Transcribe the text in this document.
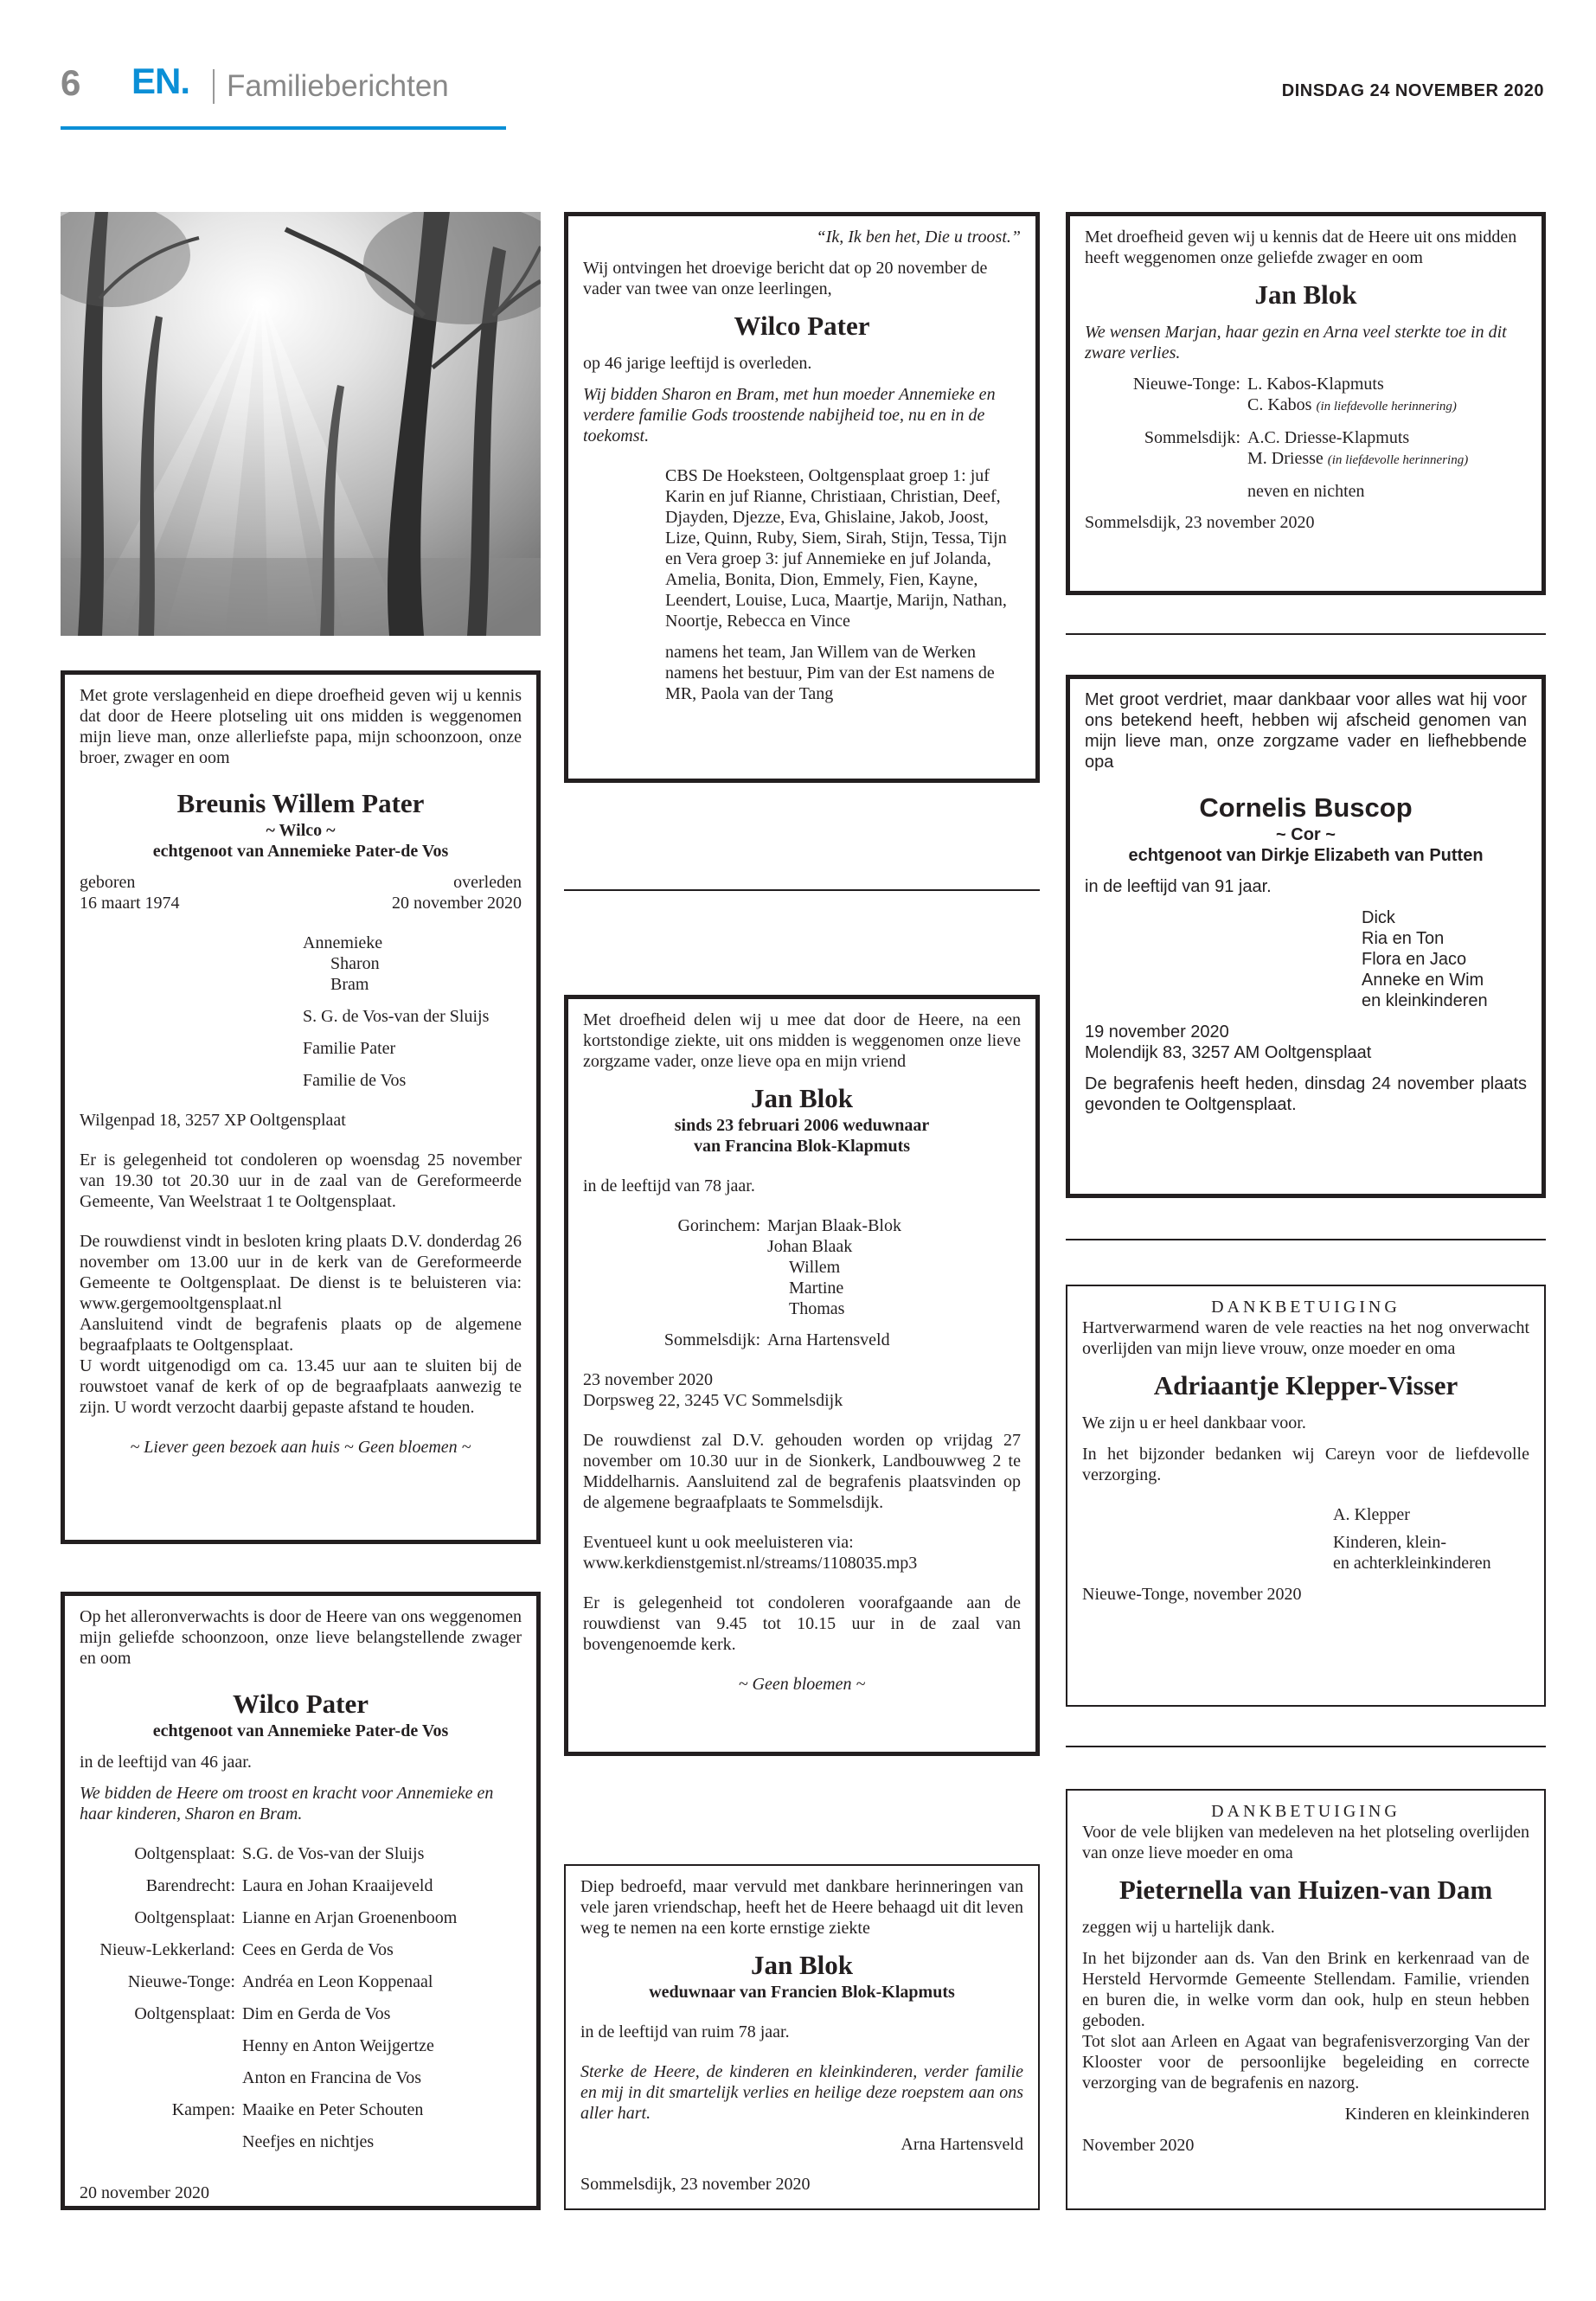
6 EN. Familieberichten	DINSDAG 24 NOVEMBER 2020
Met grote verslagenheid en diepe droefheid geven wij u kennis dat door de Heere plotseling uit ons midden is weggenomen mijn lieve man, onze allerliefste papa, mijn schoonzoon, onze broer, zwager en oom
Breunis Willem Pater
~ Wilco ~
echtgenoot van Annemieke Pater-de Vos
geboren
16 maart 1974
overleden
20 november 2020
Annemieke
Sharon
Bram
S. G. de Vos-van der Sluijs
Familie Pater
Familie de Vos
Wilgenpad 18, 3257 XP Ooltgensplaat
Er is gelegenheid tot condoleren op woensdag 25 november van 19.30 tot 20.30 uur in de zaal van de Gereformeerde Gemeente, Van Weelstraat 1 te Ooltgensplaat.
De rouwdienst vindt in besloten kring plaats D.V. donderdag 26 november om 13.00 uur in de kerk van de Gereformeerde Gemeente te Ooltgensplaat. De dienst is te beluisteren via: www.gergemooltgensplaat.nl
Aansluitend vindt de begrafenis plaats op de algemene begraafplaats te Ooltgensplaat.
U wordt uitgenodigd om ca. 13.45 uur aan te sluiten bij de rouwstoet vanaf de kerk of op de begraafplaats aanwezig te zijn. U wordt verzocht daarbij gepaste afstand te houden.
~ Liever geen bezoek aan huis ~ Geen bloemen ~
Op het alleronverwachts is door de Heere van ons weggenomen mijn geliefde schoonzoon, onze lieve belangstellende zwager en oom
Wilco Pater
echtgenoot van Annemieke Pater-de Vos
in de leeftijd van 46 jaar.
We bidden de Heere om troost en kracht voor Annemieke en haar kinderen, Sharon en Bram.
Ooltgensplaat: S.G. de Vos-van der Sluijs
Barendrecht: Laura en Johan Kraaijeveld
Ooltgensplaat: Lianne en Arjan Groenenboom
Nieuw-Lekkerland: Cees en Gerda de Vos
Nieuwe-Tonge: Andréa en Leon Koppenaal
Ooltgensplaat: Dim en Gerda de Vos
Henny en Anton Weijgertze
Anton en Francina de Vos
Kampen: Maaike en Peter Schouten
Neefjes en nichtjes
20 november 2020
“Ik, Ik ben het, Die u troost.”
Wij ontvingen het droevige bericht dat op 20 november de vader van twee van onze leerlingen,
Wilco Pater
op 46 jarige leeftijd is overleden.
Wij bidden Sharon en Bram, met hun moeder Annemieke en verdere familie Gods troostende nabijheid toe, nu en in de toekomst.
CBS De Hoeksteen, Ooltgensplaat groep 1: juf Karin en juf Rianne, Christiaan, Christian, Deef, Djayden, Djezze, Eva, Ghislaine, Jakob, Joost, Lize, Quinn, Ruby, Siem, Sirah, Stijn, Tessa, Tijn en Vera groep 3: juf Annemieke en juf Jolanda, Amelia, Bonita, Dion, Emmely, Fien, Kayne, Leendert, Louise, Luca, Maartje, Marijn, Nathan, Noortje, Rebecca en Vince
namens het team, Jan Willem van de Werken namens het bestuur, Pim van der Est namens de MR, Paola van der Tang
Met droefheid delen wij u mee dat door de Heere, na een kortstondige ziekte, uit ons midden is weggenomen onze lieve zorgzame vader, onze lieve opa en mijn vriend
Jan Blok
sinds 23 februari 2006 weduwnaar
van Francina Blok-Klapmuts
in de leeftijd van 78 jaar.
Gorinchem: Marjan Blaak-Blok
Johan Blaak
Willem
Martine
Thomas
Sommelsdijk: Arna Hartensveld
23 november 2020
Dorpsweg 22, 3245 VC Sommelsdijk
De rouwdienst zal D.V. gehouden worden op vrijdag 27 november om 10.30 uur in de Sionkerk, Landbouwweg 2 te Middelharnis. Aansluitend zal de begrafenis plaatsvinden op de algemene begraafplaats te Sommelsdijk.
Eventueel kunt u ook meeluisteren via:
www.kerkdienstgemist.nl/streams/1108035.mp3
Er is gelegenheid tot condoleren voorafgaande aan de rouwdienst van 9.45 tot 10.15 uur in de zaal van bovengenoemde kerk.
~ Geen bloemen ~
Diep bedroefd, maar vervuld met dankbare herinneringen van vele jaren vriendschap, heeft het de Heere behaagd uit dit leven weg te nemen na een korte ernstige ziekte
Jan Blok
weduwnaar van Francien Blok-Klapmuts
in de leeftijd van ruim 78 jaar.
Sterke de Heere, de kinderen en kleinkinderen, verder familie en mij in dit smartelijk verlies en heilige deze roepstem aan ons aller hart.
Arna Hartensveld
Sommelsdijk, 23 november 2020
Met droefheid geven wij u kennis dat de Heere uit ons midden heeft weggenomen onze geliefde zwager en oom
Jan Blok
We wensen Marjan, haar gezin en Arna veel sterkte toe in dit zware verlies.
Nieuwe-Tonge: L. Kabos-Klapmuts
C. Kabos (in liefdevolle herinnering)
Sommelsdijk: A.C. Driesse-Klapmuts
M. Driesse (in liefdevolle herinnering)
neven en nichten
Sommelsdijk, 23 november 2020
Met groot verdriet, maar dankbaar voor alles wat hij voor ons betekend heeft, hebben wij afscheid genomen van mijn lieve man, onze zorgzame vader en liefhebbende opa
Cornelis Buscop
~ Cor ~
echtgenoot van Dirkje Elizabeth van Putten
in de leeftijd van 91 jaar.
Dick
Ria en Ton
Flora en Jaco
Anneke en Wim
en kleinkinderen
19 november 2020
Molendijk 83, 3257 AM Ooltgensplaat
De begrafenis heeft heden, dinsdag 24 november plaats gevonden te Ooltgensplaat.
DANKBETUIGING
Hartverwarmend waren de vele reacties na het nog onverwacht overlijden van mijn lieve vrouw, onze moeder en oma
Adriaantje Klepper-Visser
We zijn u er heel dankbaar voor.
In het bijzonder bedanken wij Careyn voor de liefdevolle verzorging.
A. Klepper
Kinderen, klein-
en achterkleinkinderen
Nieuwe-Tonge, november 2020
DANKBETUIGING
Voor de vele blijken van medeleven na het plotseling overlijden van onze lieve moeder en oma
Pieternella van Huizen-van Dam
zeggen wij u hartelijk dank.
In het bijzonder aan ds. Van den Brink en kerkenraad van de Hersteld Hervormde Gemeente Stellendam. Familie, vrienden en buren die, in welke vorm dan ook, hulp en steun hebben geboden.
Tot slot aan Arleen en Agaat van begrafenisverzorging Van der Klooster voor de persoonlijke begeleiding en correcte verzorging van de begrafenis en nazorg.
Kinderen en kleinkinderen
November 2020
